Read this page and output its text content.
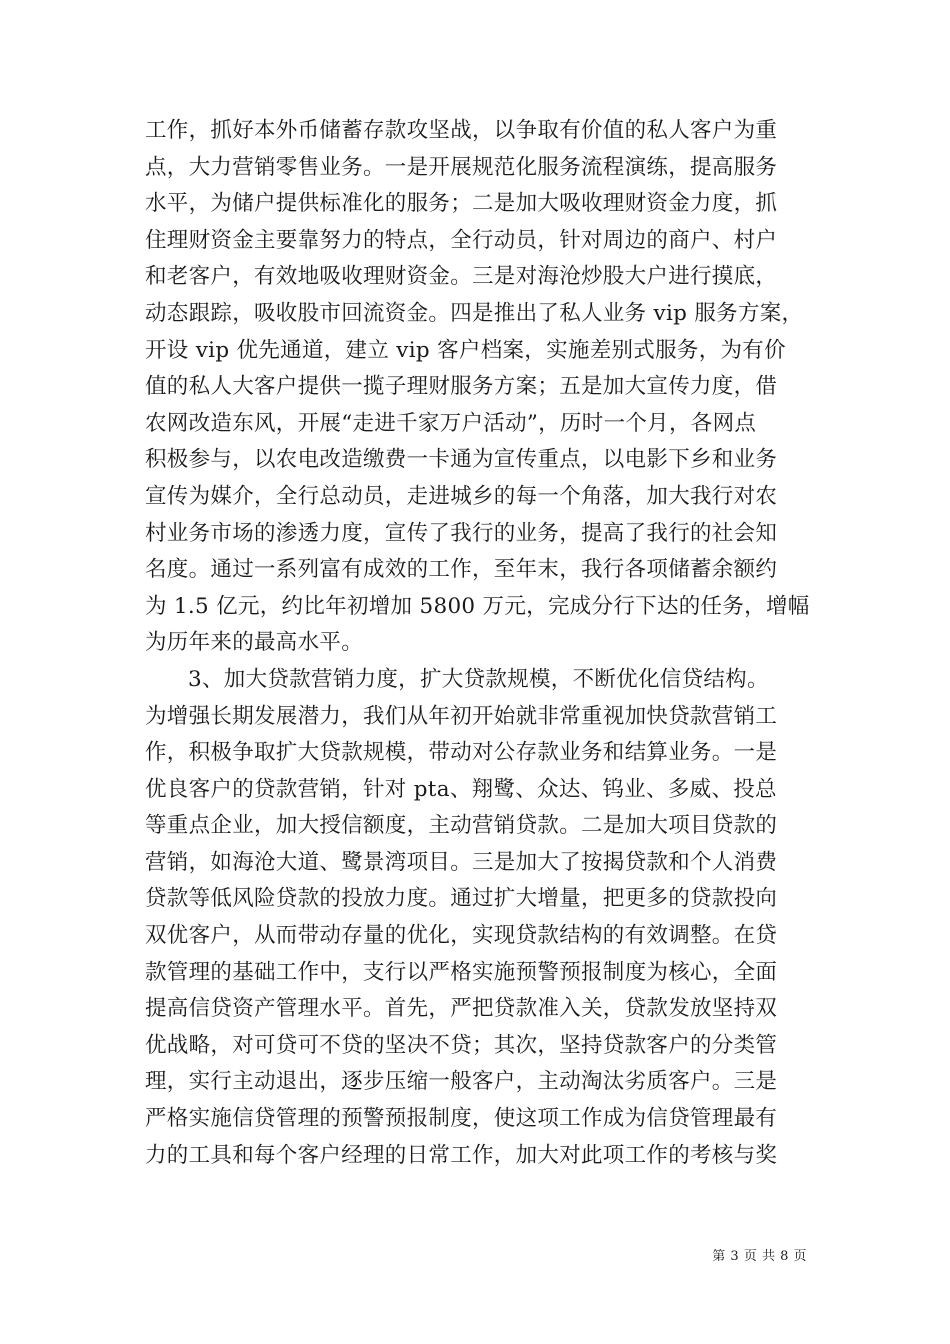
工作，抓好本外币储蓄存款攻坚战，以争取有价值的私人客户为重
点，大力营销零售业务。一是开展规范化服务流程演练，提高服务
水平，为储户提供标准化的服务；二是加大吸收理财资金力度，抓
住理财资金主要靠努力的特点，全行动员，针对周边的商户、村户
和老客户，有效地吸收理财资金。三是对海沧炒股大户进行摸底，
动态跟踪，吸收股市回流资金。四是推出了私人业务 vip 服务方案，
开设 vip 优先通道，建立 vip 客户档案，实施差别式服务，为有价
值的私人大客户提供一揽子理财服务方案；五是加大宣传力度，借
农网改造东风，开展“走进千家万户活动”，历时一个月，各网点
积极参与，以农电改造缴费一卡通为宣传重点，以电影下乡和业务
宣传为媒介，全行总动员，走进城乡的每一个角落，加大我行对农
村业务市场的渗透力度，宣传了我行的业务，提高了我行的社会知
名度。通过一系列富有成效的工作，至年末，我行各项储蓄余额约
为 1.5 亿元，约比年初增加 5800 万元，完成分行下达的任务，增幅
为历年来的最高水平。
3、加大贷款营销力度，扩大贷款规模，不断优化信贷结构。
为增强长期发展潜力，我们从年初开始就非常重视加快贷款营销工
作，积极争取扩大贷款规模，带动对公存款业务和结算业务。一是
优良客户的贷款营销，针对 pta、翔鹭、众达、钨业、多威、投总
等重点企业，加大授信额度，主动营销贷款。二是加大项目贷款的
营销，如海沧大道、鹭景湾项目。三是加大了按揭贷款和个人消费
贷款等低风险贷款的投放力度。通过扩大增量，把更多的贷款投向
双优客户，从而带动存量的优化，实现贷款结构的有效调整。在贷
款管理的基础工作中，支行以严格实施预警预报制度为核心，全面
提高信贷资产管理水平。首先，严把贷款准入关，贷款发放坚持双
优战略，对可贷可不贷的坚决不贷；其次，坚持贷款客户的分类管
理，实行主动退出，逐步压缩一般客户，主动淘汰劣质客户。三是
严格实施信贷管理的预警预报制度，使这项工作成为信贷管理最有
力的工具和每个客户经理的日常工作，加大对此项工作的考核与奖
第 3 页 共 8 页
